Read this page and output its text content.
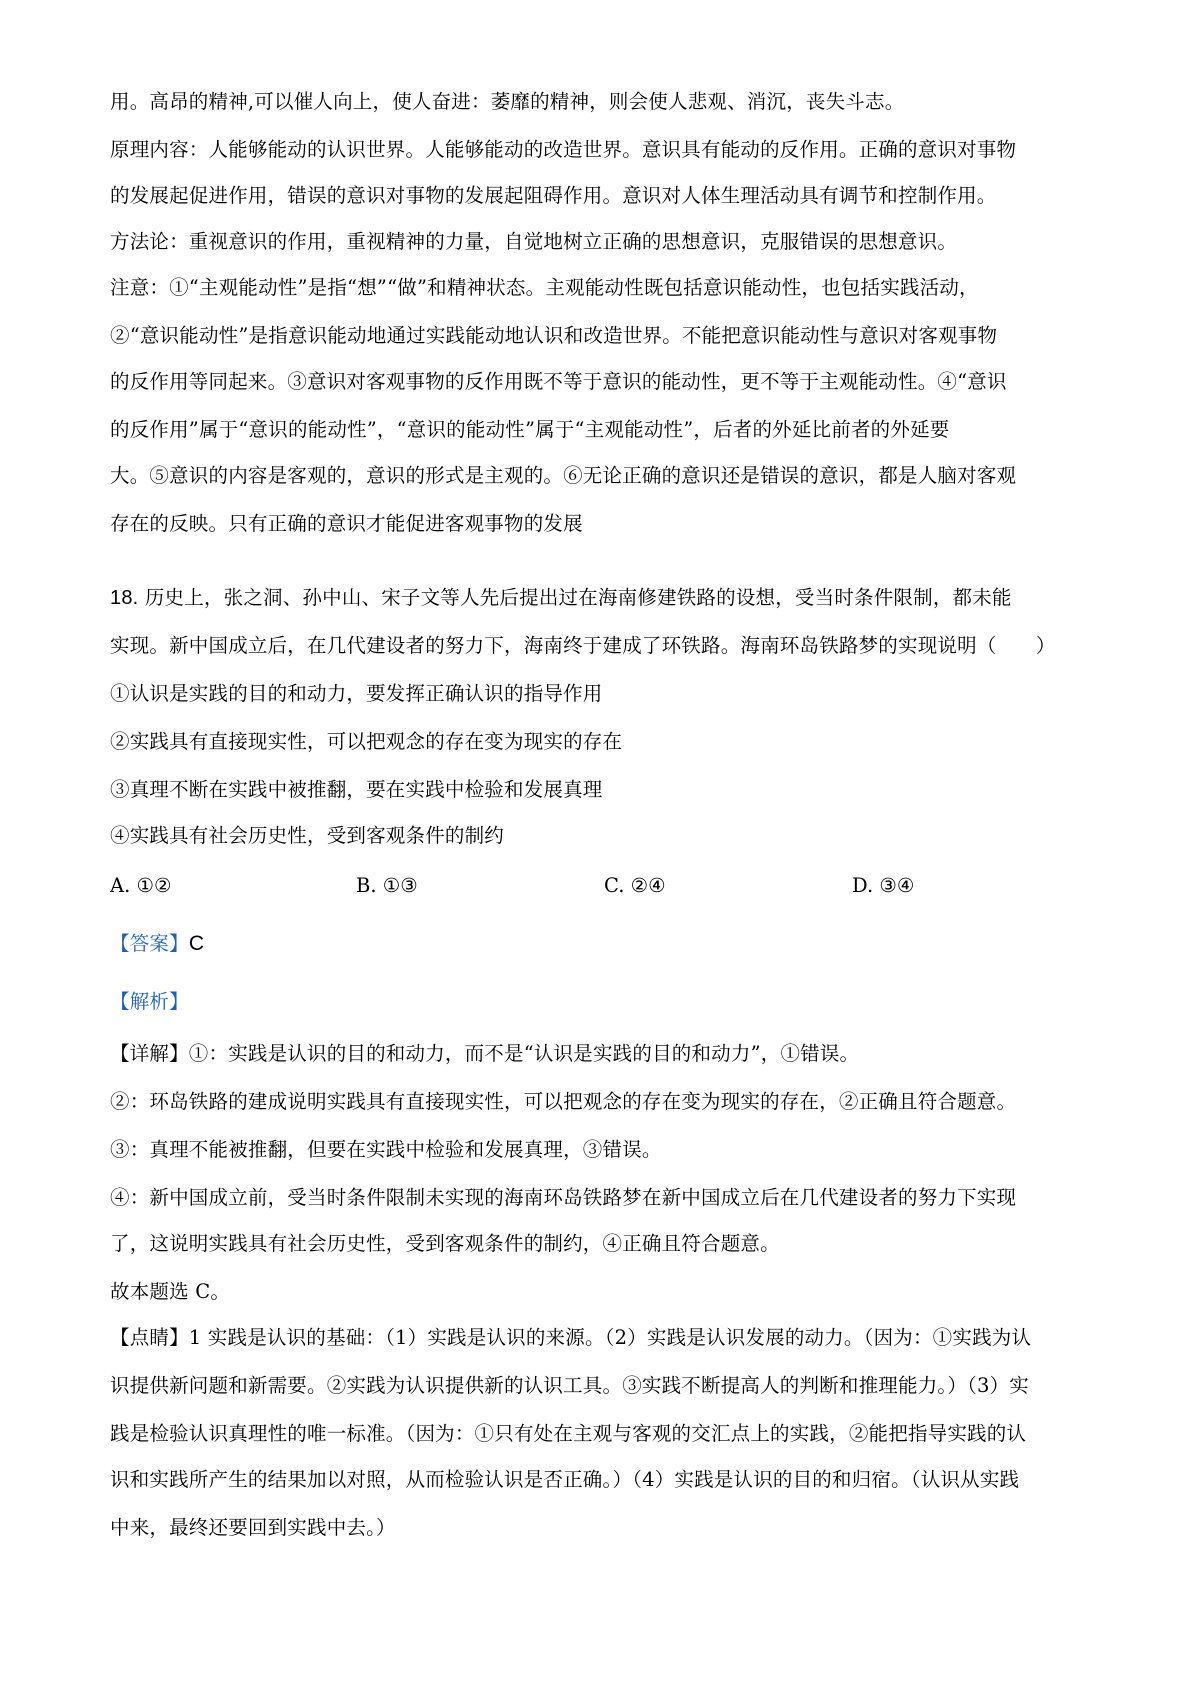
用。高昂的精神,可以催人向上，使人奋进：萎靡的精神，则会使人悲观、消沉，丧失斗志。
原理内容：人能够能动的认识世界。人能够能动的改造世界。意识具有能动的反作用。正确的意识对事物
的发展起促进作用，错误的意识对事物的发展起阻碍作用。意识对人体生理活动具有调节和控制作用。
方法论：重视意识的作用，重视精神的力量，自觉地树立正确的思想意识，克服错误的思想意识。
注意：①“主观能动性”是指“想”“做”和精神状态。主观能动性既包括意识能动性，也包括实践活动，
②“意识能动性”是指意识能动地通过实践能动地认识和改造世界。不能把意识能动性与意识对客观事物
的反作用等同起来。③意识对客观事物的反作用既不等于意识的能动性，更不等于主观能动性。④“意识
的反作用”属于“意识的能动性”，“意识的能动性”属于“主观能动性”，后者的外延比前者的外延要
大。⑤意识的内容是客观的，意识的形式是主观的。⑥无论正确的意识还是错误的意识，都是人脑对客观
存在的反映。只有正确的意识才能促进客观事物的发展
18. 历史上，张之洞、孙中山、宋子文等人先后提出过在海南修建铁路的设想，受当时条件限制，都未能
实现。新中国成立后，在几代建设者的努力下，海南终于建成了环铁路。海南环岛铁路梦的实现说明（　　）
①认识是实践的目的和动力，要发挥正确认识的指导作用
②实践具有直接现实性，可以把观念的存在变为现实的存在
③真理不断在实践中被推翻，要在实践中检验和发展真理
④实践具有社会历史性，受到客观条件的制约
A. ①②	B. ①③	C. ②④	D. ③④
【答案】C
【解析】
【详解】①：实践是认识的目的和动力，而不是“认识是实践的目的和动力”，①错误。
②：环岛铁路的建成说明实践具有直接现实性，可以把观念的存在变为现实的存在，②正确且符合题意。
③：真理不能被推翻，但要在实践中检验和发展真理，③错误。
④：新中国成立前，受当时条件限制未实现的海南环岛铁路梦在新中国成立后在几代建设者的努力下实现
了，这说明实践具有社会历史性，受到客观条件的制约，④正确且符合题意。
故本题选 C。
【点睛】1 实践是认识的基础：（1）实践是认识的来源。（2）实践是认识发展的动力。（因为：①实践为认
识提供新问题和新需要。②实践为认识提供新的认识工具。③实践不断提高人的判断和推理能力。）（3）实
践是检验认识真理性的唯一标准。（因为：①只有处在主观与客观的交汇点上的实践，②能把指导实践的认
识和实践所产生的结果加以对照，从而检验认识是否正确。）（4）实践是认识的目的和归宿。（认识从实践
中来，最终还要回到实践中去。）
